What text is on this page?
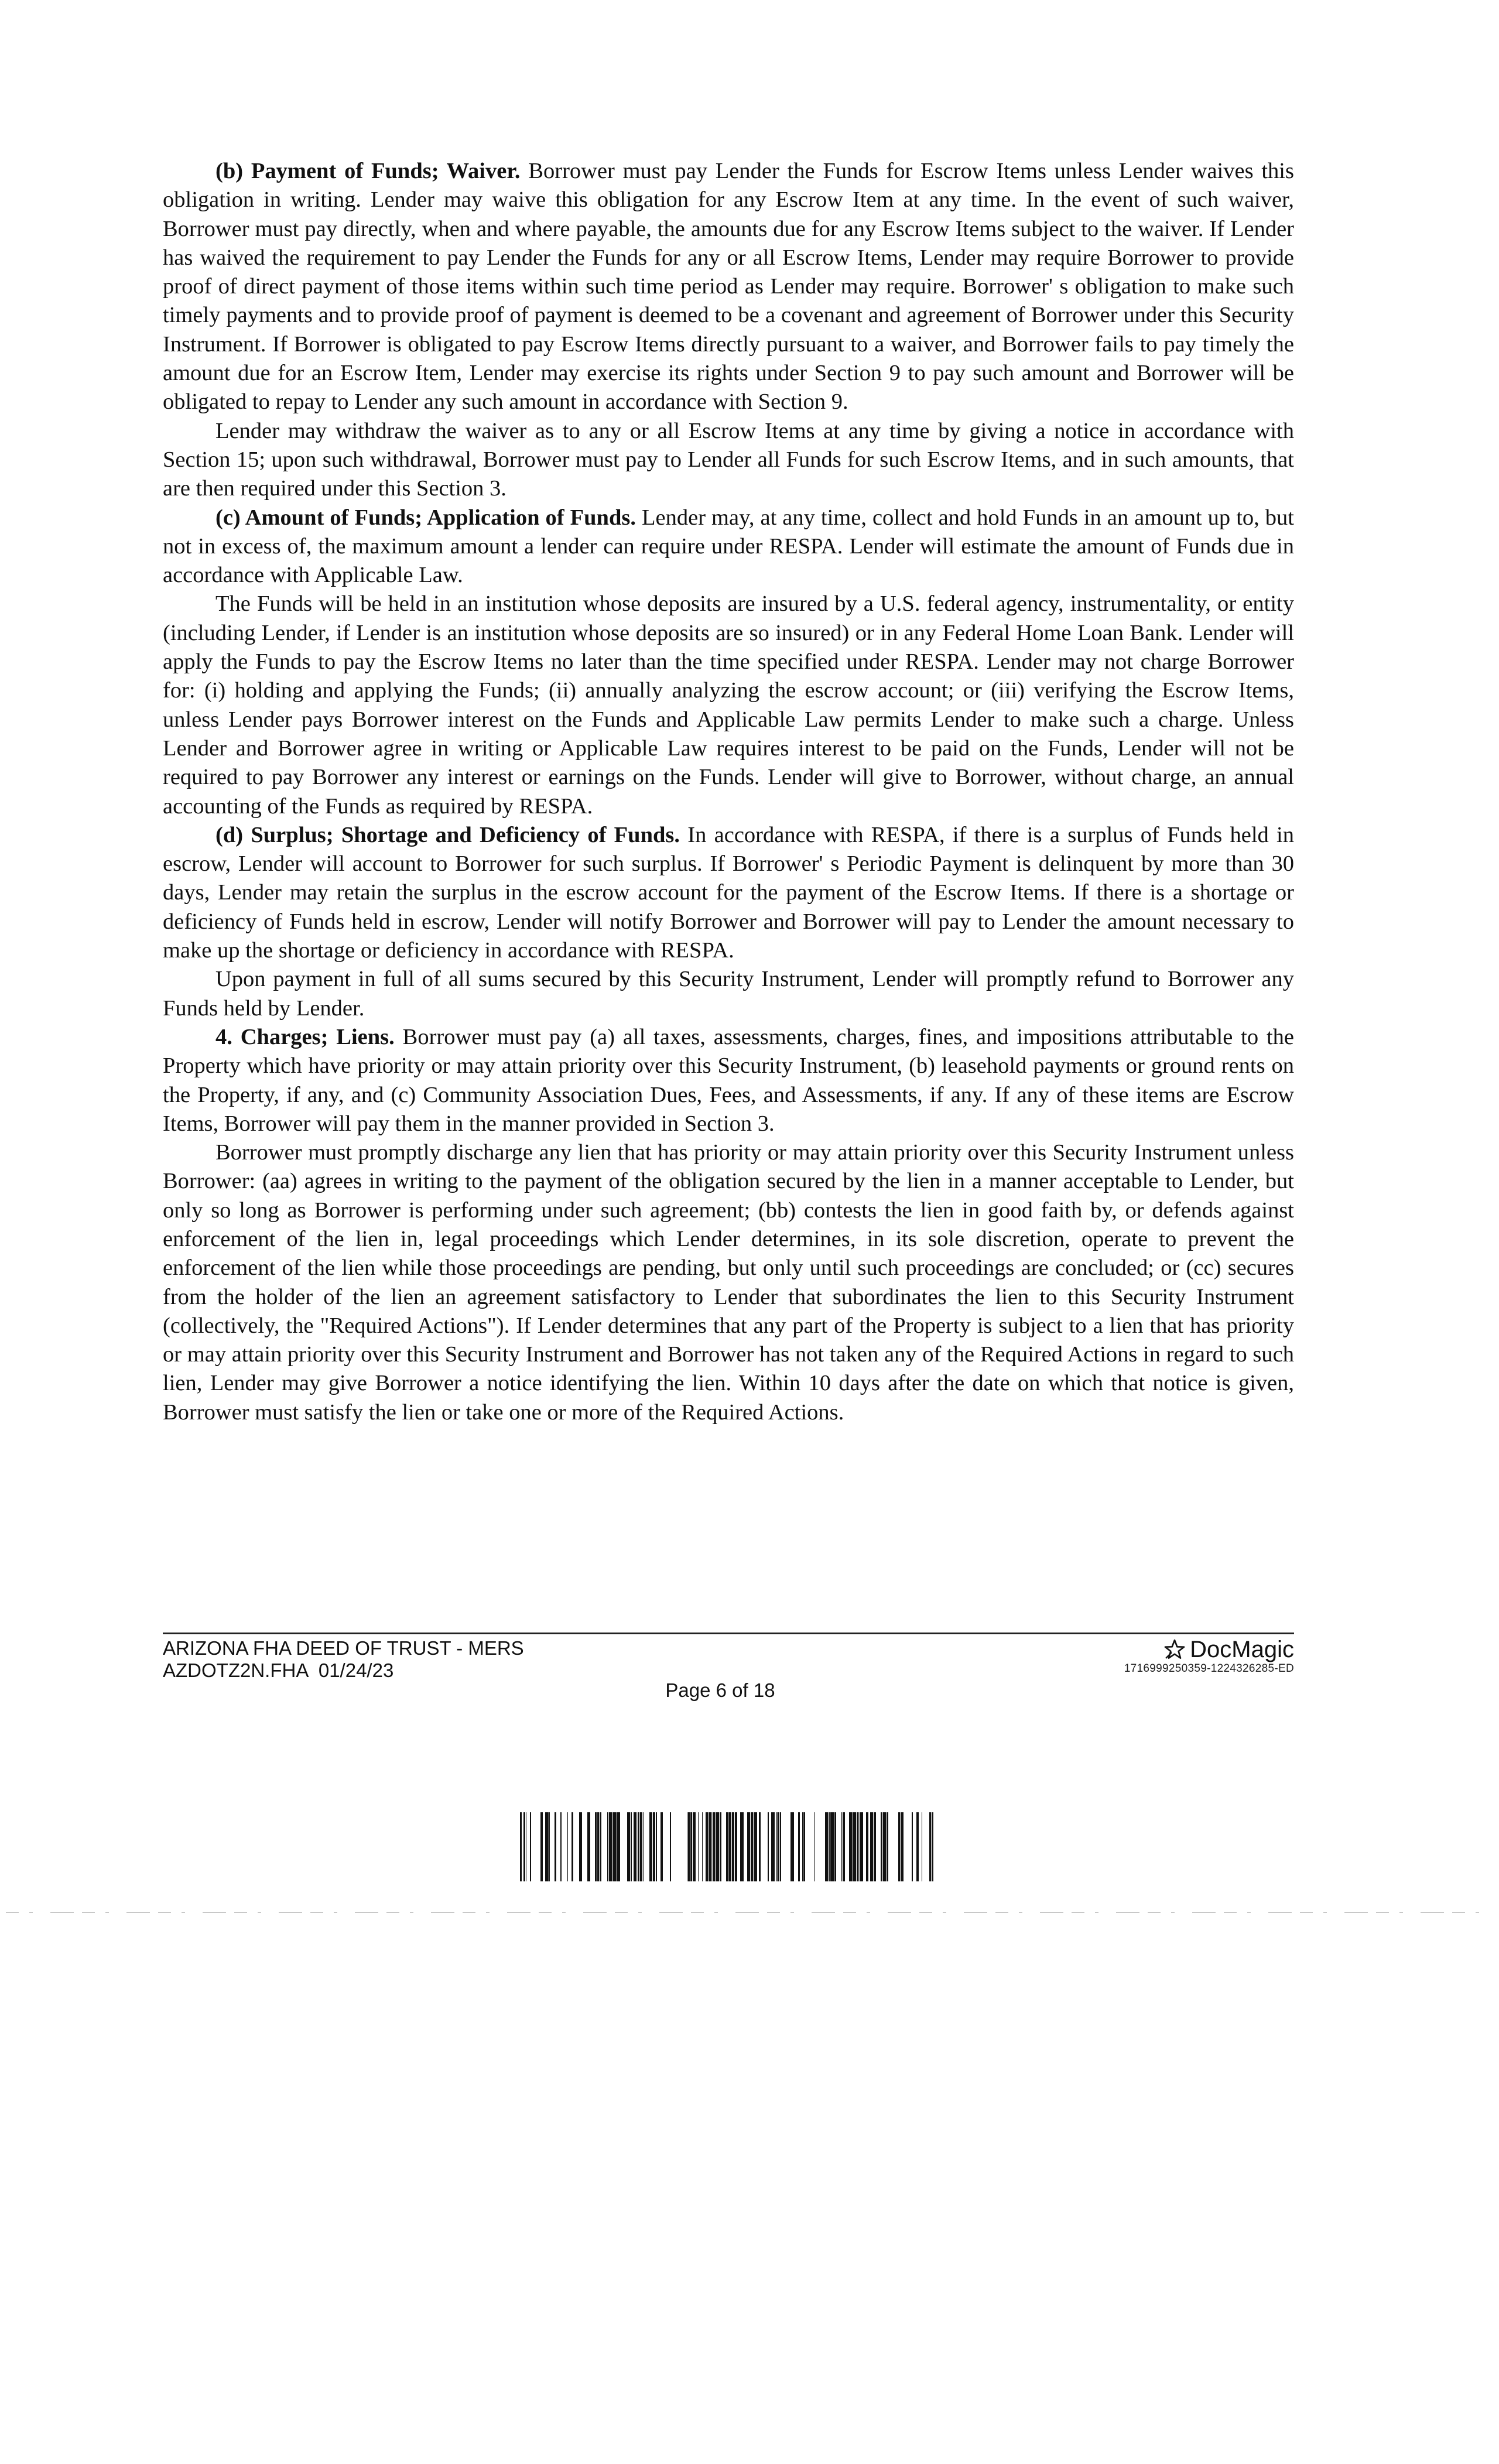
(b) Payment of Funds; Waiver. Borrower must pay Lender the Funds for Escrow Items unless Lender waives this obligation in writing. Lender may waive this obligation for any Escrow Item at any time. In the event of such waiver, Borrower must pay directly, when and where payable, the amounts due for any Escrow Items subject to the waiver. If Lender has waived the requirement to pay Lender the Funds for any or all Escrow Items, Lender may require Borrower to provide proof of direct payment of those items within such time period as Lender may require. Borrower' s obligation to make such timely payments and to provide proof of payment is deemed to be a covenant and agreement of Borrower under this Security Instrument. If Borrower is obligated to pay Escrow Items directly pursuant to a waiver, and Borrower fails to pay timely the amount due for an Escrow Item, Lender may exercise its rights under Section 9 to pay such amount and Borrower will be obligated to repay to Lender any such amount in accordance with Section 9.

Lender may withdraw the waiver as to any or all Escrow Items at any time by giving a notice in accordance with Section 15; upon such withdrawal, Borrower must pay to Lender all Funds for such Escrow Items, and in such amounts, that are then required under this Section 3.

(c) Amount of Funds; Application of Funds. Lender may, at any time, collect and hold Funds in an amount up to, but not in excess of, the maximum amount a lender can require under RESPA. Lender will estimate the amount of Funds due in accordance with Applicable Law.

The Funds will be held in an institution whose deposits are insured by a U.S. federal agency, instrumentality, or entity (including Lender, if Lender is an institution whose deposits are so insured) or in any Federal Home Loan Bank. Lender will apply the Funds to pay the Escrow Items no later than the time specified under RESPA. Lender may not charge Borrower for: (i) holding and applying the Funds; (ii) annually analyzing the escrow account; or (iii) verifying the Escrow Items, unless Lender pays Borrower interest on the Funds and Applicable Law permits Lender to make such a charge. Unless Lender and Borrower agree in writing or Applicable Law requires interest to be paid on the Funds, Lender will not be required to pay Borrower any interest or earnings on the Funds. Lender will give to Borrower, without charge, an annual accounting of the Funds as required by RESPA.

(d) Surplus; Shortage and Deficiency of Funds. In accordance with RESPA, if there is a surplus of Funds held in escrow, Lender will account to Borrower for such surplus. If Borrower' s Periodic Payment is delinquent by more than 30 days, Lender may retain the surplus in the escrow account for the payment of the Escrow Items. If there is a shortage or deficiency of Funds held in escrow, Lender will notify Borrower and Borrower will pay to Lender the amount necessary to make up the shortage or deficiency in accordance with RESPA.

Upon payment in full of all sums secured by this Security Instrument, Lender will promptly refund to Borrower any Funds held by Lender.

4. Charges; Liens. Borrower must pay (a) all taxes, assessments, charges, fines, and impositions attributable to the Property which have priority or may attain priority over this Security Instrument, (b) leasehold payments or ground rents on the Property, if any, and (c) Community Association Dues, Fees, and Assessments, if any. If any of these items are Escrow Items, Borrower will pay them in the manner provided in Section 3.

Borrower must promptly discharge any lien that has priority or may attain priority over this Security Instrument unless Borrower: (aa) agrees in writing to the payment of the obligation secured by the lien in a manner acceptable to Lender, but only so long as Borrower is performing under such agreement; (bb) contests the lien in good faith by, or defends against enforcement of the lien in, legal proceedings which Lender determines, in its sole discretion, operate to prevent the enforcement of the lien while those proceedings are pending, but only until such proceedings are concluded; or (cc) secures from the holder of the lien an agreement satisfactory to Lender that subordinates the lien to this Security Instrument (collectively, the "Required Actions"). If Lender determines that any part of the Property is subject to a lien that has priority or may attain priority over this Security Instrument and Borrower has not taken any of the Required Actions in regard to such lien, Lender may give Borrower a notice identifying the lien. Within 10 days after the date on which that notice is given, Borrower must satisfy the lien or take one or more of the Required Actions.

ARIZONA FHA DEED OF TRUST - MERS
AZDOTZ2N.FHA  01/24/23
Page 6 of 18
DocMagic
1716999250359-1224326285-ED
